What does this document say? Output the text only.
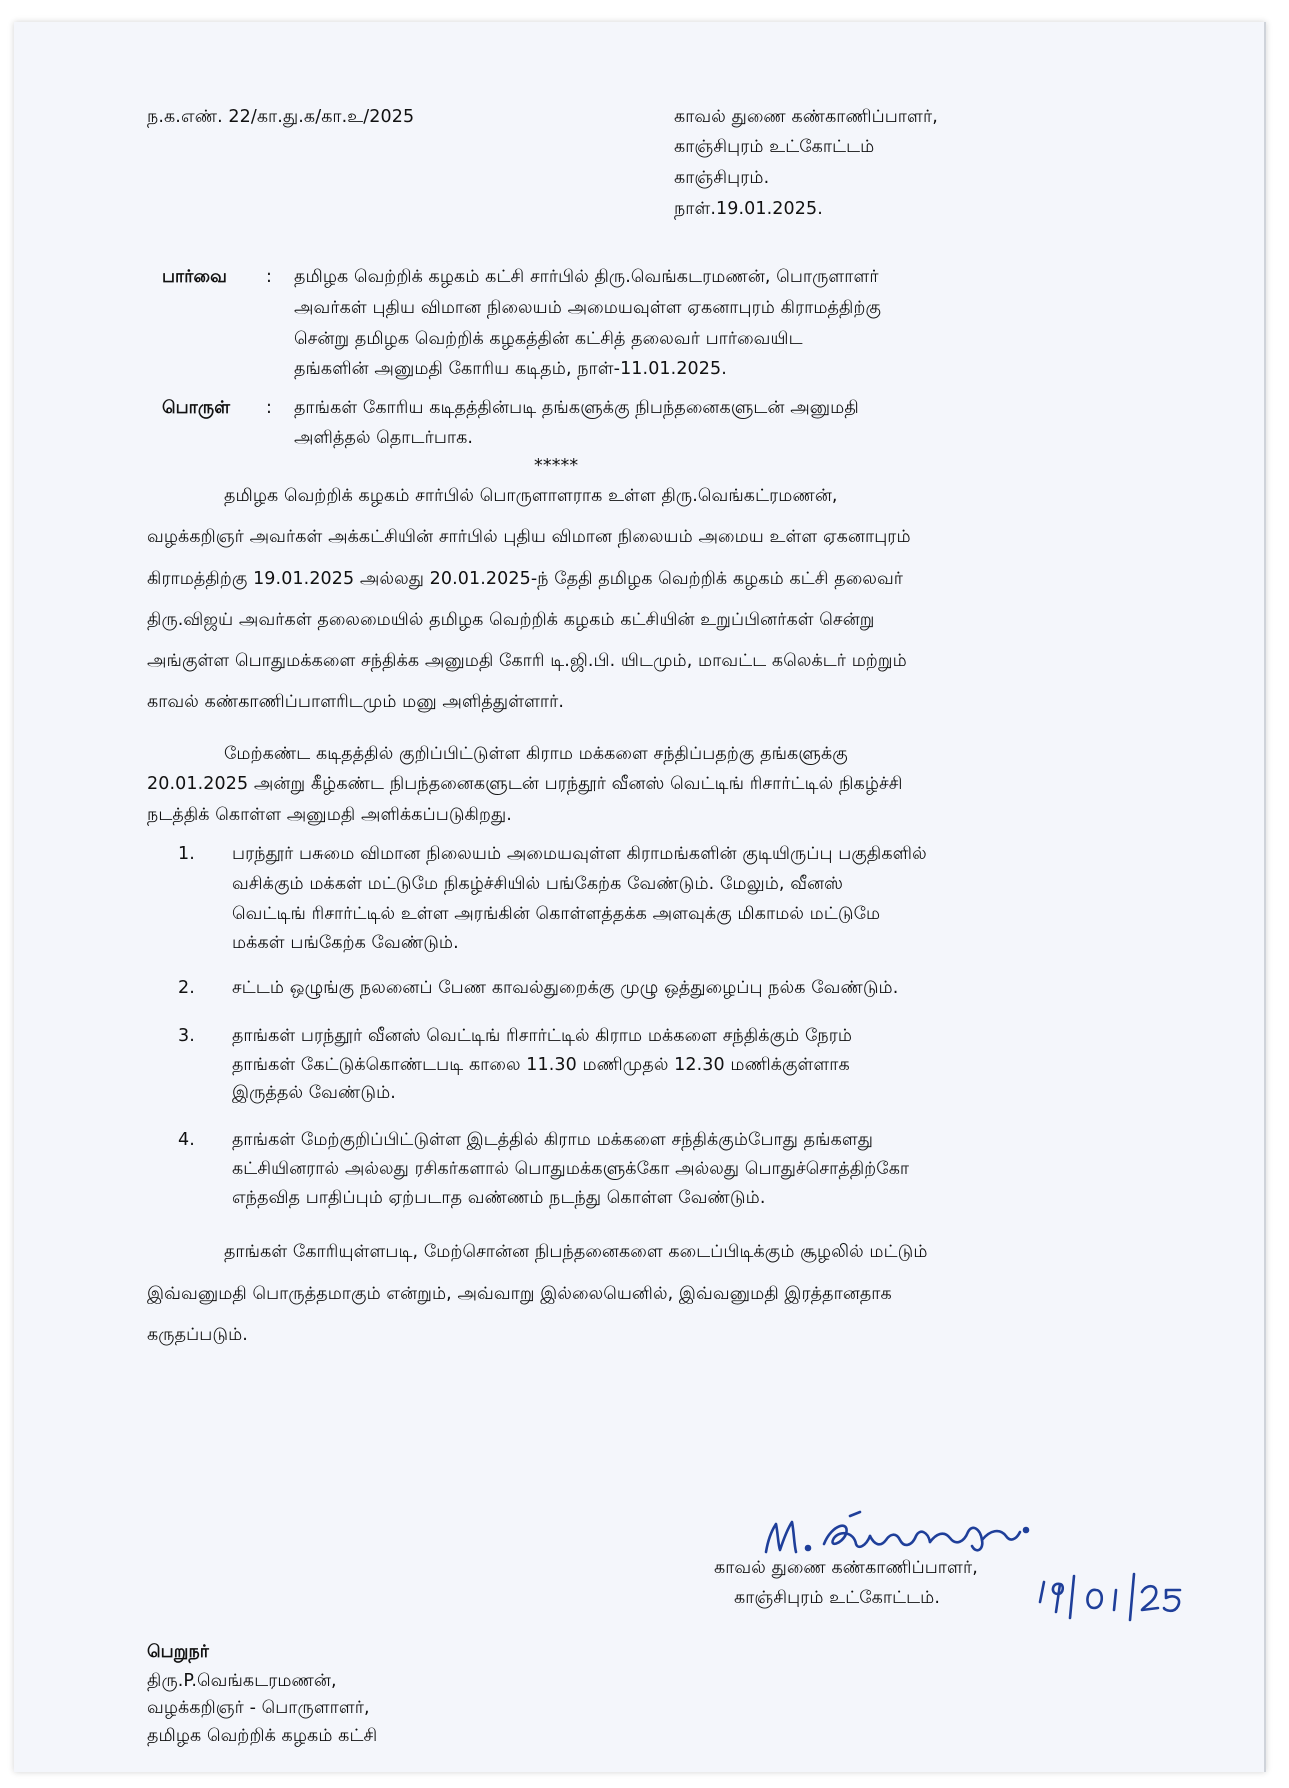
ந.க.எண். 22/கா.து.க/கா.உ/2025	காவல் துணை கண்காணிப்பாளர்,
காஞ்சிபுரம் உட்கோட்டம்
காஞ்சிபுரம்.
நாள்.19.01.2025.
பார்வை : தமிழக வெற்றிக் கழகம் கட்சி சார்பில் திரு.வெங்கடரமணன், பொருளாளர்
அவர்கள் புதிய விமான நிலையம் அமையவுள்ள ஏகனாபுரம் கிராமத்திற்கு
சென்று தமிழக வெற்றிக் கழகத்தின் கட்சித் தலைவர் பார்வையிட
தங்களின் அனுமதி கோரிய கடிதம், நாள்-11.01.2025.
பொருள் : தாங்கள் கோரிய கடிதத்தின்படி தங்களுக்கு நிபந்தனைகளுடன் அனுமதி
அளித்தல் தொடர்பாக.
*****
தமிழக வெற்றிக் கழகம் சார்பில் பொருளாளராக உள்ள திரு.வெங்கட்ரமணன்,
வழக்கறிஞர் அவர்கள் அக்கட்சியின் சார்பில் புதிய விமான நிலையம் அமைய உள்ள ஏகனாபுரம்
கிராமத்திற்கு 19.01.2025 அல்லது 20.01.2025-ந் தேதி தமிழக வெற்றிக் கழகம் கட்சி தலைவர்
திரு.விஜய் அவர்கள் தலைமையில் தமிழக வெற்றிக் கழகம் கட்சியின் உறுப்பினர்கள் சென்று
அங்குள்ள பொதுமக்களை சந்திக்க அனுமதி கோரி டி.ஜி.பி. யிடமும், மாவட்ட கலெக்டர் மற்றும்
காவல் கண்காணிப்பாளரிடமும் மனு அளித்துள்ளார்.
மேற்கண்ட கடிதத்தில் குறிப்பிட்டுள்ள கிராம மக்களை சந்திப்பதற்கு தங்களுக்கு
20.01.2025 அன்று கீழ்கண்ட நிபந்தனைகளுடன் பரந்தூர் வீனஸ் வெட்டிங் ரிசார்ட்டில் நிகழ்ச்சி
நடத்திக் கொள்ள அனுமதி அளிக்கப்படுகிறது.
1. பரந்தூர் பசுமை விமான நிலையம் அமையவுள்ள கிராமங்களின் குடியிருப்பு பகுதிகளில்
வசிக்கும் மக்கள் மட்டுமே நிகழ்ச்சியில் பங்கேற்க வேண்டும். மேலும், வீனஸ்
வெட்டிங் ரிசார்ட்டில் உள்ள அரங்கின் கொள்ளத்தக்க அளவுக்கு மிகாமல் மட்டுமே
மக்கள் பங்கேற்க வேண்டும்.
2. சட்டம் ஒழுங்கு நலனைப் பேண காவல்துறைக்கு முழு ஒத்துழைப்பு நல்க வேண்டும்.
3. தாங்கள் பரந்தூர் வீனஸ் வெட்டிங் ரிசார்ட்டில் கிராம மக்களை சந்திக்கும் நேரம்
தாங்கள் கேட்டுக்கொண்டபடி காலை 11.30 மணிமுதல் 12.30 மணிக்குள்ளாக
இருத்தல் வேண்டும்.
4. தாங்கள் மேற்குறிப்பிட்டுள்ள இடத்தில் கிராம மக்களை சந்திக்கும்போது தங்களது
கட்சியினரால் அல்லது ரசிகர்களால் பொதுமக்களுக்கோ அல்லது பொதுச்சொத்திற்கோ
எந்தவித பாதிப்பும் ஏற்படாத வண்ணம் நடந்து கொள்ள வேண்டும்.
தாங்கள் கோரியுள்ளபடி, மேற்சொன்ன நிபந்தனைகளை கடைப்பிடிக்கும் சூழலில் மட்டும்
இவ்வனுமதி பொருத்தமாகும் என்றும், அவ்வாறு இல்லையெனில், இவ்வனுமதி இரத்தானதாக
கருதப்படும்.
காவல் துணை கண்காணிப்பாளர்,
காஞ்சிபுரம் உட்கோட்டம்.
பெறுநர்
திரு.P.வெங்கடரமணன்,
வழக்கறிஞர் - பொருளாளர்,
தமிழக வெற்றிக் கழகம் கட்சி
